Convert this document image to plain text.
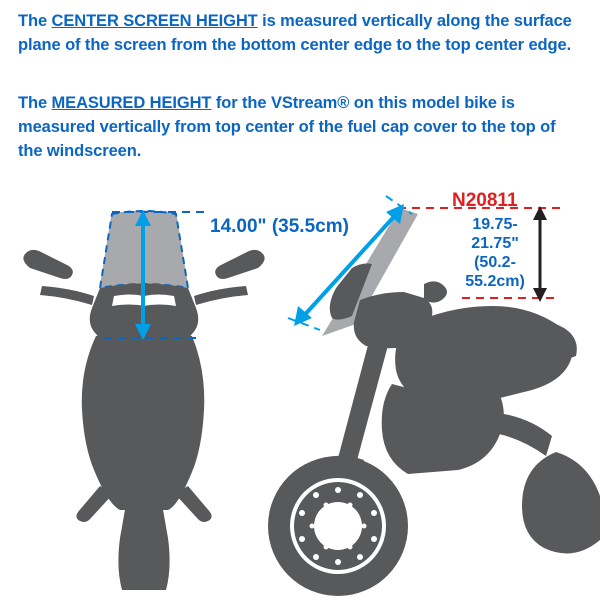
The CENTER SCREEN HEIGHT is measured vertically along the surface plane of the screen from the bottom center edge to the top center edge.
The MEASURED HEIGHT for the VStream® on this model bike is measured vertically from top center of the fuel cap cover to the top of the windscreen.
14.00" (35.5cm)
N20811
19.75-
21.75"
(50.2-55.2cm)
